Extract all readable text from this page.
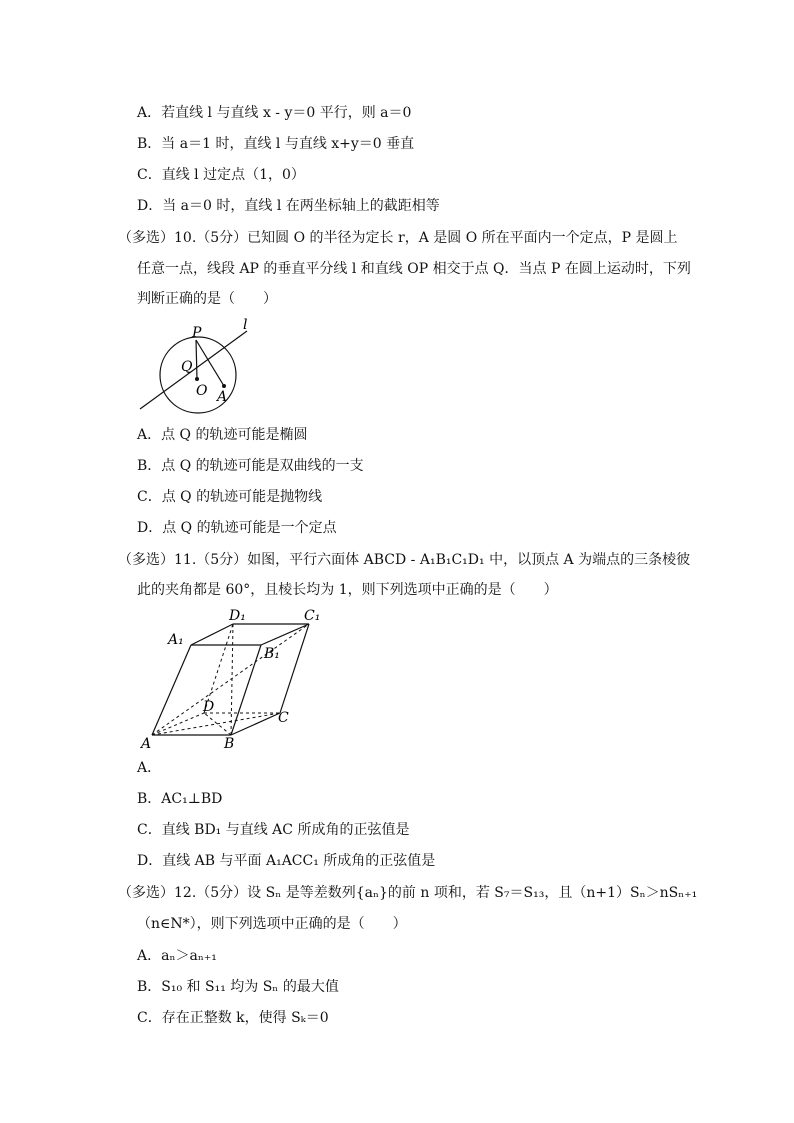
A．若直线 l 与直线 x - y＝0 平行，则 a＝0
B．当 a＝1 时，直线 l 与直线 x+y＝0 垂直
C．直线 l 过定点（1，0）
D．当 a＝0 时，直线 l 在两坐标轴上的截距相等
（多选）10.（5分）已知圆 O 的半径为定长 r，A 是圆 O 所在平面内一个定点，P 是圆上
任意一点，线段 AP 的垂直平分线 l 和直线 OP 相交于点 Q．当点 P 在圆上运动时，下列
判断正确的是（　　）
P
Q
O A
l
A．点 Q 的轨迹可能是椭圆
B．点 Q 的轨迹可能是双曲线的一支
C．点 Q 的轨迹可能是抛物线
D．点 Q 的轨迹可能是一个定点
（多选）11.（5分）如图，平行六面体 ABCD - A₁B₁C₁D₁ 中，以顶点 A 为端点的三条棱彼
此的夹角都是 60°，且棱长均为 1，则下列选项中正确的是（　　）
A₁
D₁	C₁
B₁
D
C
A	B
A．
B．AC₁⊥BD
C．直线 BD₁ 与直线 AC 所成角的正弦值是
D．直线 AB 与平面 A₁ACC₁ 所成角的正弦值是
（多选）12.（5分）设 Sₙ 是等差数列{aₙ}的前 n 项和，若 S₇＝S₁₃，且（n+1）Sₙ＞nSₙ₊₁
（n∈N*），则下列选项中正确的是（　　）
A．aₙ＞aₙ₊₁
B．S₁₀ 和 S₁₁ 均为 Sₙ 的最大值
C．存在正整数 k，使得 Sₖ＝0
